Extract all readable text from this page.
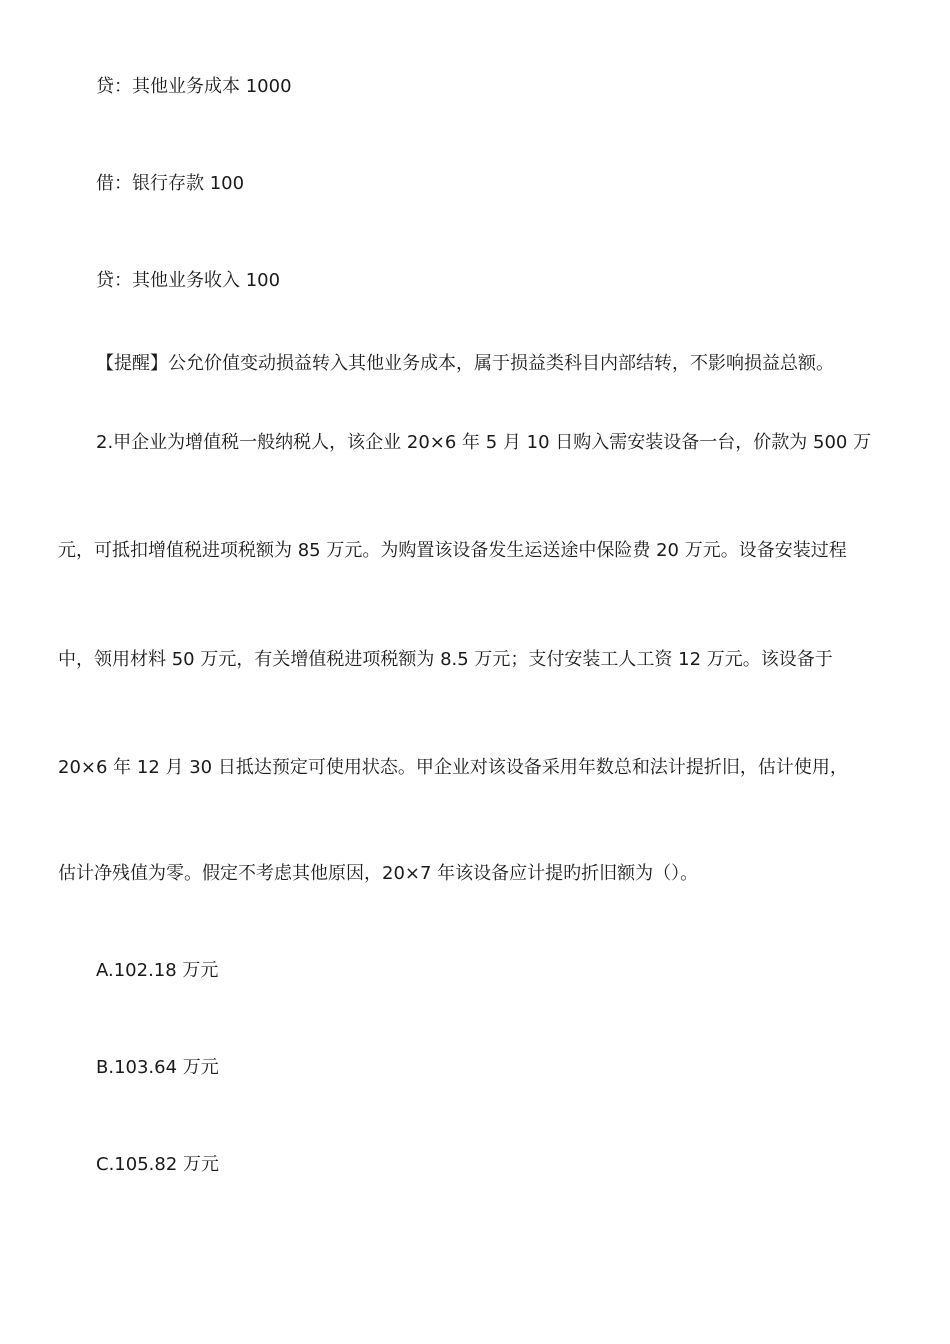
贷：其他业务成本 1000
借：银行存款 100
贷：其他业务收入 100
【提醒】公允价值变动损益转入其他业务成本，属于损益类科目内部结转，不影响损益总额。
2.甲企业为增值税一般纳税人，该企业 20×6 年 5 月 10 日购入需安装设备一台，价款为 500 万
元，可抵扣增值税进项税额为 85 万元。为购置该设备发生运送途中保险费 20 万元。设备安装过程
中，领用材料 50 万元，有关增值税进项税额为 8.5 万元；支付安装工人工资 12 万元。该设备于
20×6 年 12 月 30 日抵达预定可使用状态。甲企业对该设备采用年数总和法计提折旧，估计使用，
估计净残值为零。假定不考虑其他原因，20×7 年该设备应计提旳折旧额为（）。
A.102.18 万元
B.103.64 万元
C.105.82 万元
